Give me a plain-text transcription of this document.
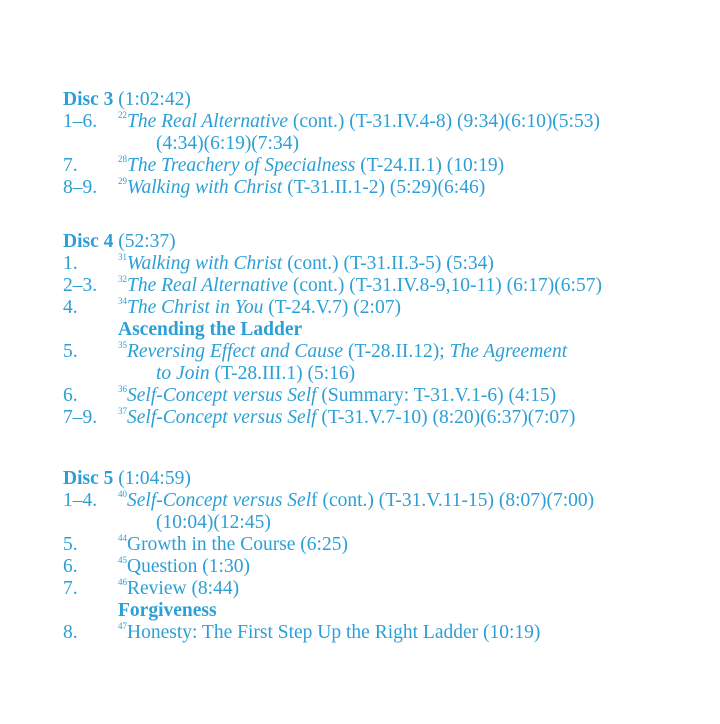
Disc 3 (1:02:42)
1–6.	$^{22}$The Real Alternative (cont.) (T-31.IV.4-8) (9:34)(6:10)(5:53)
(4:34)(6:19)(7:34)
7.	$^{28}$The Treachery of Specialness (T-24.II.1) (10:19)
8–9.	$^{29}$Walking with Christ (T-31.II.1-2) (5:29)(6:46)
Disc 4 (52:37)
1.	$^{31}$Walking with Christ (cont.) (T-31.II.3-5) (5:34)
2–3.	$^{32}$The Real Alternative (cont.) (T-31.IV.8-9,10-11) (6:17)(6:57)
4.	$^{34}$The Christ in You (T-24.V.7) (2:07)
Ascending the Ladder
5.	$^{35}$Reversing Effect and Cause (T-28.II.12); The Agreement
to Join (T-28.III.1) (5:16)
6.	$^{36}$Self-Concept versus Self (Summary: T-31.V.1-6) (4:15)
7–9.	$^{37}$Self-Concept versus Self (T-31.V.7-10) (8:20)(6:37)(7:07)
Disc 5 (1:04:59)
1–4.	$^{40}$Self-Concept versus Self (cont.) (T-31.V.11-15) (8:07)(7:00)
(10:04)(12:45)
5.	$^{44}$Growth in the Course (6:25)
6.	$^{45}$Question (1:30)
7.	$^{46}$Review (8:44)
Forgiveness
8.	$^{47}$Honesty: The First Step Up the Right Ladder (10:19)
